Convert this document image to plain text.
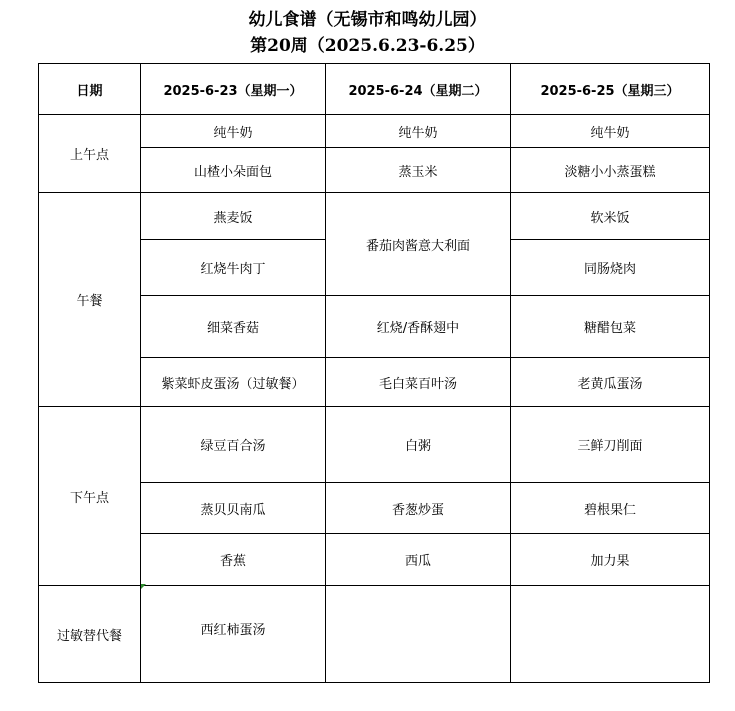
幼儿食谱（无锡市和鸣幼儿园）
第20周（2025.6.23-6.25）
日期	2025-6-23（星期一）	2025-6-24（星期二）	2025-6-25（星期三）
上午点	纯牛奶	纯牛奶	纯牛奶
	山楂小朵面包	蒸玉米	淡糖小小蒸蛋糕
午餐	燕麦饭	番茄肉酱意大利面	软米饭
	红烧牛肉丁		同肠烧肉
	细菜香菇	红烧/香酥翅中	糖醋包菜
	紫菜虾皮蛋汤（过敏餐）	毛白菜百叶汤	老黄瓜蛋汤
下午点	绿豆百合汤	白粥	三鲜刀削面
	蒸贝贝南瓜	香葱炒蛋	碧根果仁
	香蕉	西瓜	加力果
过敏替代餐	西红柿蛋汤		
